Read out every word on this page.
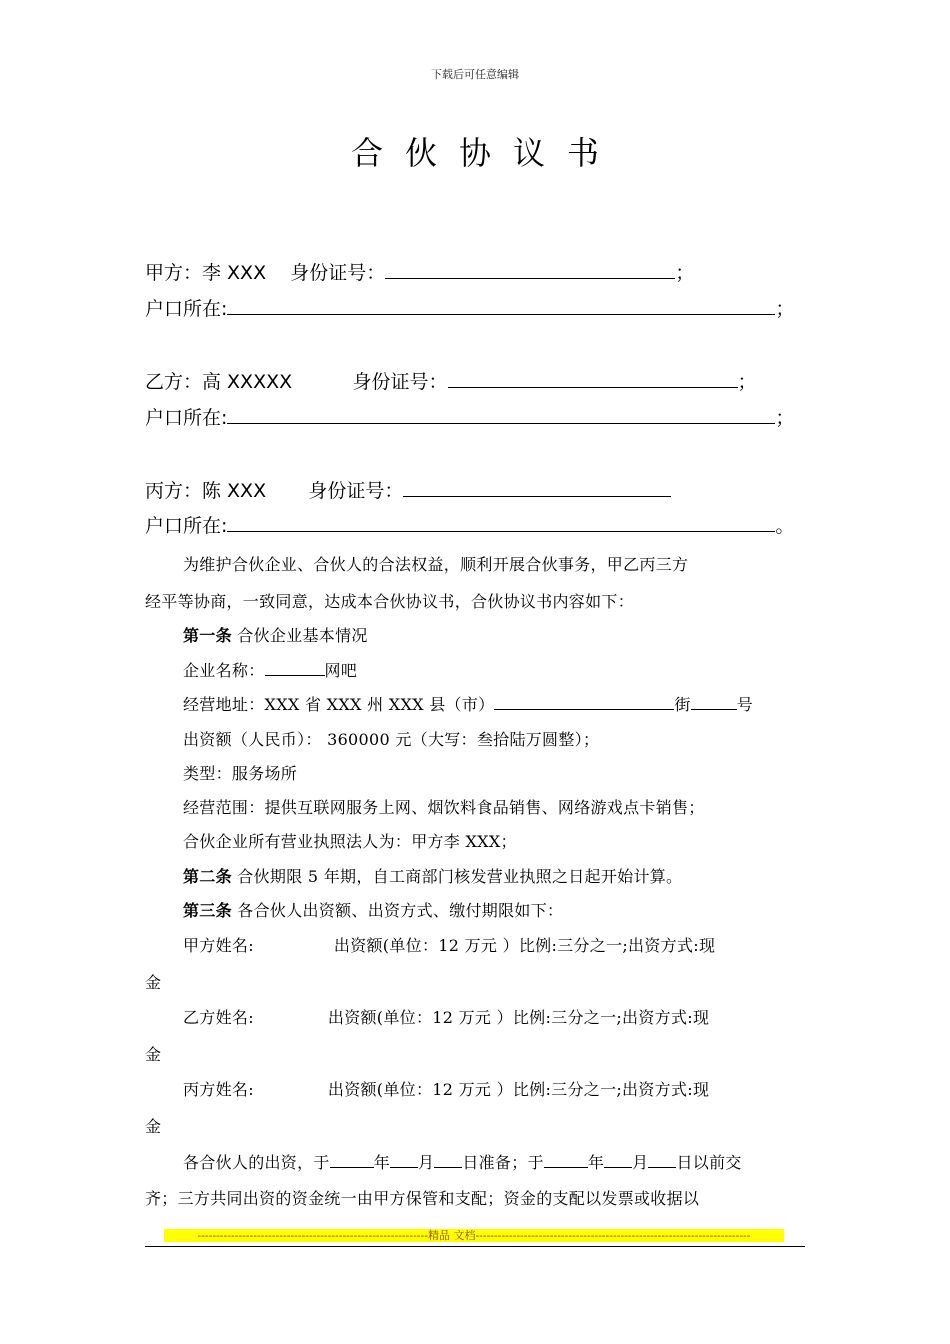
下载后可任意编辑
合伙协议书
甲方：李 XXX 身份证号：	；
户口所在:	；
乙方：高 XXXXX	身份证号：	；
户口所在:	；
丙方：陈 XXX 身份证号：
户口所在:	。
为维护合伙企业、合伙人的合法权益，顺利开展合伙事务，甲乙丙三方
经平等协商，一致同意，达成本合伙协议书，合伙协议书内容如下：
第一条 合伙企业基本情况
企业名称：	网吧
经营地址：XXX 省 XXX 州 XXX 县（市）	街	号
出资额（人民币）： 360000 元（大写：叁拾陆万圆整）；
类型：服务场所
经营范围：提供互联网服务上网、烟饮料食品销售、网络游戏点卡销售；
合伙企业所有营业执照法人为：甲方李 XXX；
第二条 合伙期限 5 年期，自工商部门核发营业执照之日起开始计算。
第三条 各合伙人出资额、出资方式、缴付期限如下：
甲方姓名:	出资额(单位：12 万元 ）比例:三分之一;出资方式:现
金
乙方姓名:	出资额(单位：12 万元 ）比例:三分之一;出资方式:现
金
丙方姓名:	出资额(单位：12 万元 ）比例:三分之一;出资方式:现
金
各合伙人的出资，于	年 月 日准备；于	年 月 日以前交
齐；三方共同出资的资金统一由甲方保管和支配；资金的支配以发票或收据以
--------------------------------------------------------------精品 文档--------------------------------------------------------------------------
